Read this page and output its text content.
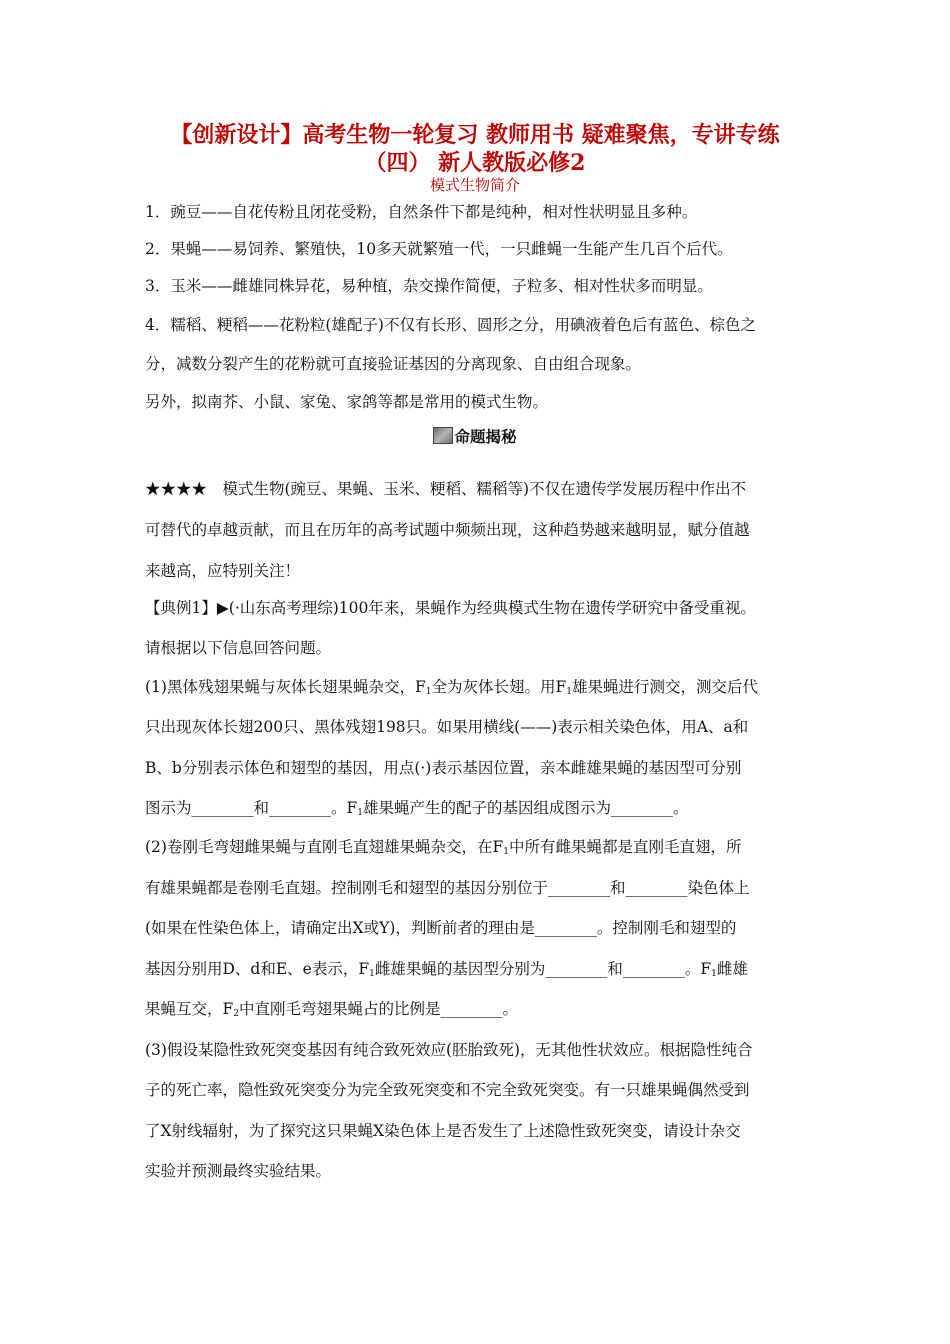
【创新设计】高考生物一轮复习 教师用书 疑难聚焦，专讲专练
（四） 新人教版必修2
模式生物简介
1．豌豆——自花传粉且闭花受粉，自然条件下都是纯种，相对性状明显且多种。
2．果蝇——易饲养、繁殖快，10多天就繁殖一代，一只雌蝇一生能产生几百个后代。
3．玉米——雌雄同株异花，易种植，杂交操作简便，子粒多、相对性状多而明显。
4．糯稻、粳稻——花粉粒(雄配子)不仅有长形、圆形之分，用碘液着色后有蓝色、棕色之
分，减数分裂产生的花粉就可直接验证基因的分离现象、自由组合现象。
另外，拟南芥、小鼠、家兔、家鸽等都是常用的模式生物。
命题揭秘
★★★★　模式生物(豌豆、果蝇、玉米、粳稻、糯稻等)不仅在遗传学发展历程中作出不
可替代的卓越贡献，而且在历年的高考试题中频频出现，这种趋势越来越明显，赋分值越
来越高，应特别关注！
【典例1】▶(·山东高考理综)100年来，果蝇作为经典模式生物在遗传学研究中备受重视。
请根据以下信息回答问题。
(1)黑体残翅果蝇与灰体长翅果蝇杂交，$F_1$全为灰体长翅。用$F_1$雄果蝇进行测交，测交后代
只出现灰体长翅200只、黑体残翅198只。如果用横线(——)表示相关染色体，用A、a和
B、b分别表示体色和翅型的基因，用点(·)表示基因位置，亲本雌雄果蝇的基因型可分别
图示为________和________。$F_1$雄果蝇产生的配子的基因组成图示为________。
(2)卷刚毛弯翅雌果蝇与直刚毛直翅雄果蝇杂交，在$F_1$中所有雌果蝇都是直刚毛直翅，所
有雄果蝇都是卷刚毛直翅。控制刚毛和翅型的基因分别位于________和________染色体上
(如果在性染色体上，请确定出X或Y)，判断前者的理由是________。控制刚毛和翅型的
基因分别用D、d和E、e表示，$F_1$雌雄果蝇的基因型分别为________和________。$F_1$雌雄
果蝇互交，$F_2$中直刚毛弯翅果蝇占的比例是________。
(3)假设某隐性致死突变基因有纯合致死效应(胚胎致死)，无其他性状效应。根据隐性纯合
子的死亡率，隐性致死突变分为完全致死突变和不完全致死突变。有一只雄果蝇偶然受到
了X射线辐射，为了探究这只果蝇X染色体上是否发生了上述隐性致死突变，请设计杂交
实验并预测最终实验结果。
